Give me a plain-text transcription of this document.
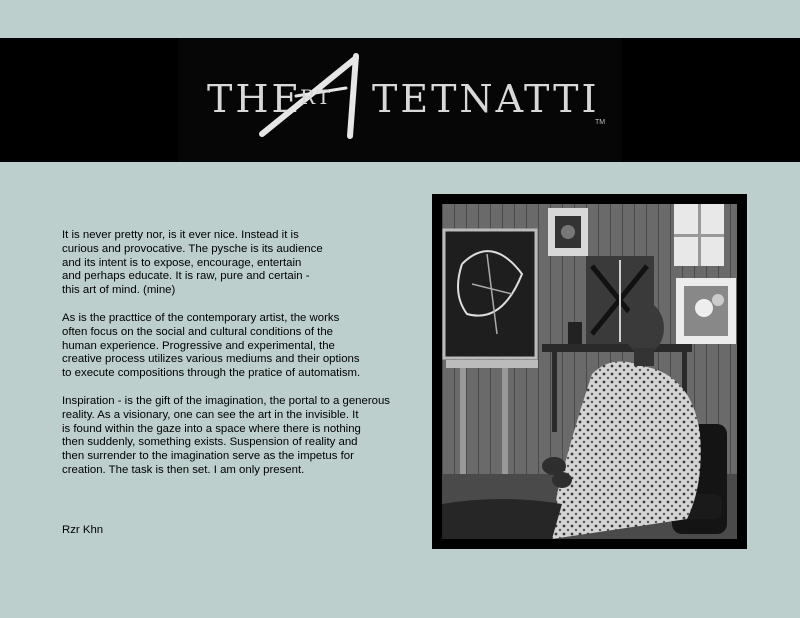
THE
RT TETNATTI
TM

It is never pretty nor, is it ever nice. Instead it is
curious and provocative. The pysche is its audience
and its intent is to expose, encourage, entertain
and perhaps educate. It is raw, pure and certain -
this art of mind. (mine)

As is the practtice of the contemporary artist, the works
often focus on the social and cultural conditions of the
human experience. Progressive and experimental, the
creative process utilizes various mediums and their options
to execute compositions through the pratice of automatism.

Inspiration - is the gift of the imagination, the portal to a generous
reality. As a visionary, one can see the art in the invisible. It
is found within the gaze into a space where there is nothing
then suddenly, something exists. Suspension of reality and
then surrender to the imagination serve as the impetus for
creation. The task is then set. I am only present.

Rzr Khn
